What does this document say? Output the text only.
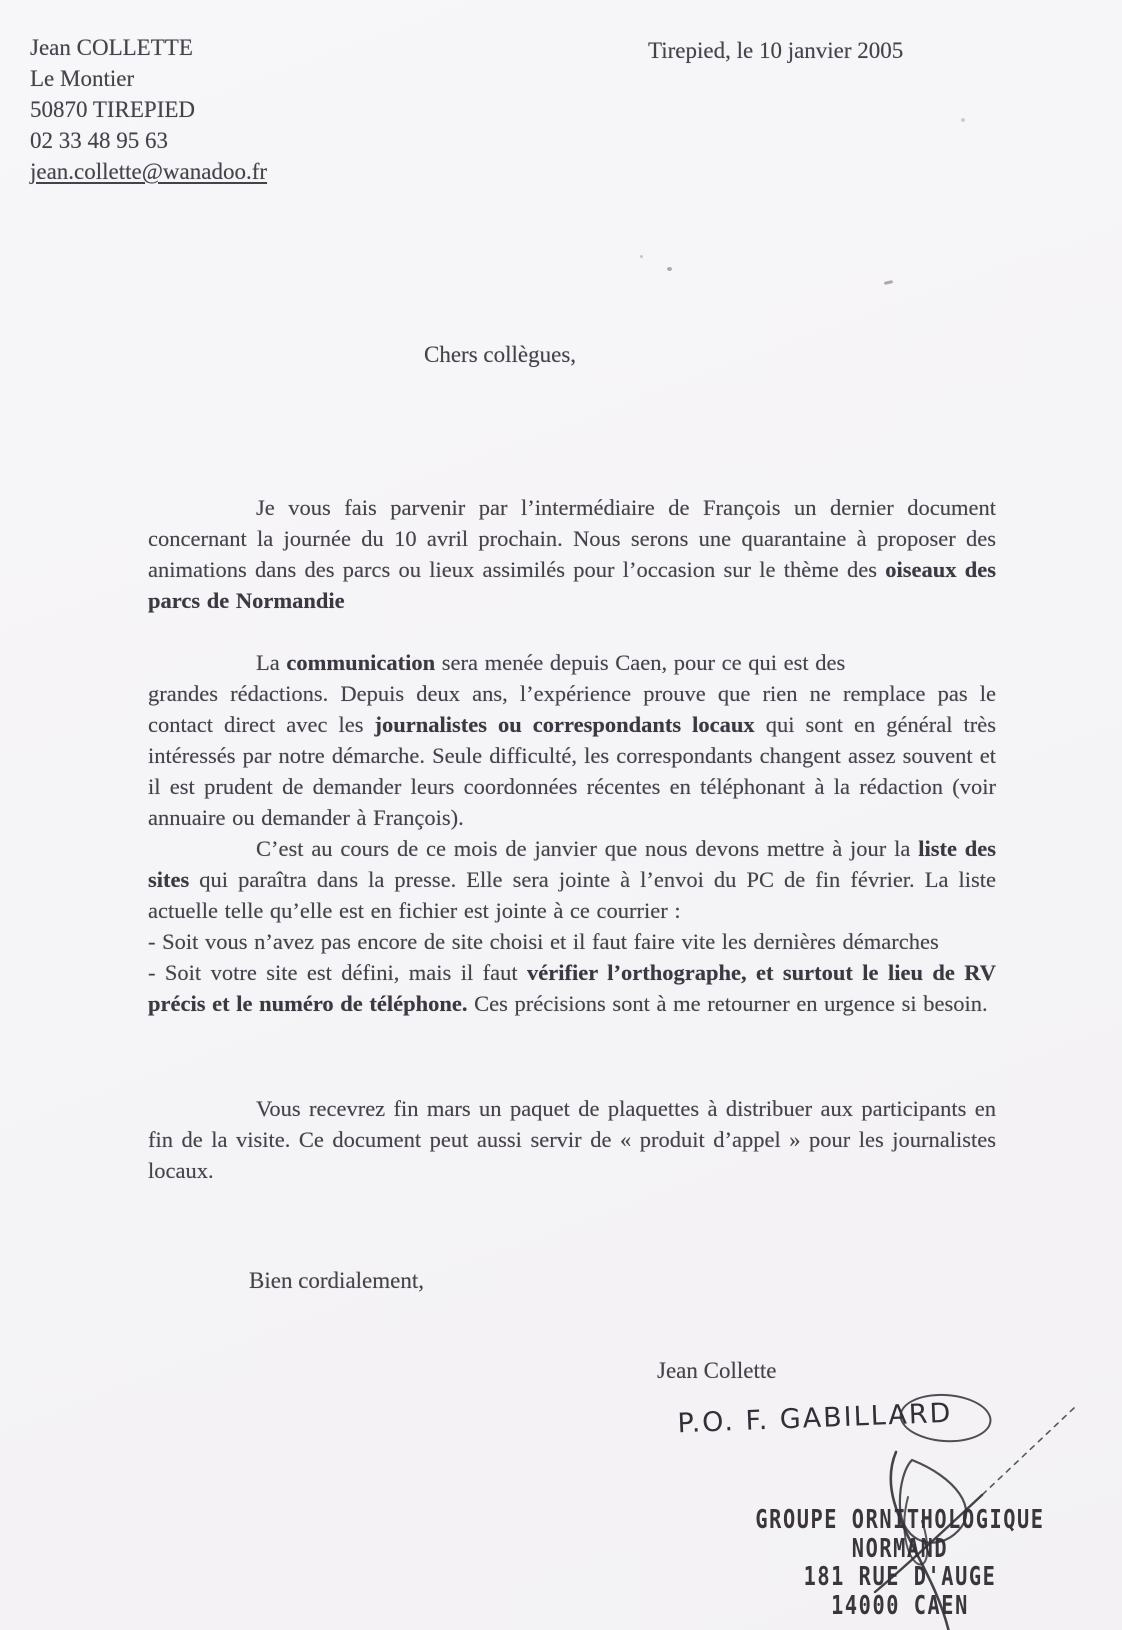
Jean COLLETTE
Le Montier
50870 TIREPIED
02 33 48 95 63
jean.collette@wanadoo.fr
Tirepied, le 10 janvier 2005
Chers collègues,

Je vous fais parvenir par l’intermédiaire de François un dernier document concernant la journée du 10 avril prochain. Nous serons une quarantaine à proposer des animations dans des parcs ou lieux assimilés pour l’occasion sur le thème des oiseaux des parcs de Normandie

La communication sera menée depuis Caen, pour ce qui est des
grandes rédactions. Depuis deux ans, l’expérience prouve que rien ne remplace pas le contact direct avec les journalistes ou correspondants locaux qui sont en général très intéressés par notre démarche. Seule difficulté, les correspondants changent assez souvent et il est prudent de demander leurs coordonnées récentes en téléphonant à la rédaction (voir annuaire ou demander à François).

C’est au cours de ce mois de janvier que nous devons mettre à jour la liste des sites qui paraîtra dans la presse. Elle sera jointe à l’envoi du PC de fin février. La liste actuelle telle qu’elle est en fichier est jointe à ce courrier :

- Soit vous n’avez pas encore de site choisi et il faut faire vite les dernières démarches

- Soit votre site est défini, mais il faut vérifier l’orthographe, et surtout le lieu de RV précis et le numéro de téléphone. Ces précisions sont à me retourner en urgence si besoin.

Vous recevrez fin mars un paquet de plaquettes à distribuer aux participants en fin de la visite. Ce document peut aussi servir de « produit d’appel » pour les journalistes locaux.

Bien cordialement,
Jean Collette
P.O. F. GABILLARD
GROUPE ORNITHOLOGIQUE
NORMAND
181 RUE D'AUGE
14000 CAEN
